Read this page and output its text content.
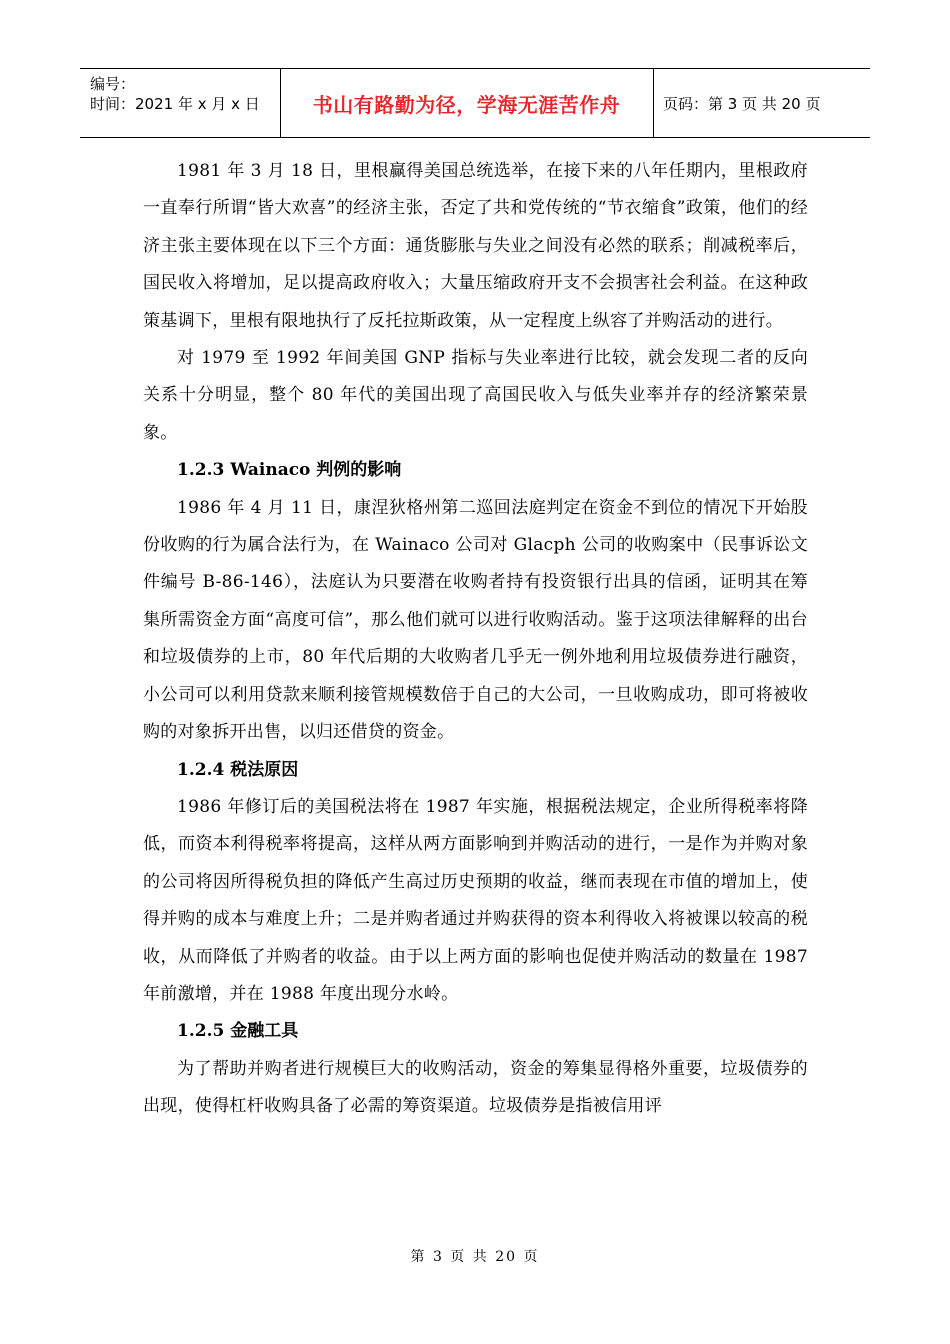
编号：
时间：2021 年 x 月 x 日	书山有路勤为径，学海无涯苦作舟	页码：第 3 页 共 20 页

1981 年 3 月 18 日，里根赢得美国总统选举，在接下来的八年任期内，里根政府一直奉行所谓“皆大欢喜”的经济主张，否定了共和党传统的“节衣缩食”政策，他们的经济主张主要体现在以下三个方面：通货膨胀与失业之间没有必然的联系；削减税率后，国民收入将增加，足以提高政府收入；大量压缩政府开支不会损害社会利益。在这种政策基调下，里根有限地执行了反托拉斯政策，从一定程度上纵容了并购活动的进行。

对 1979 至 1992 年间美国 GNP 指标与失业率进行比较，就会发现二者的反向关系十分明显，整个 80 年代的美国出现了高国民收入与低失业率并存的经济繁荣景象。

1.2.3 Wainaco 判例的影响

1986 年 4 月 11 日，康涅狄格州第二巡回法庭判定在资金不到位的情况下开始股份收购的行为属合法行为，在 Wainaco 公司对 Glacph 公司的收购案中（民事诉讼文件编号 B-86-146），法庭认为只要潜在收购者持有投资银行出具的信函，证明其在筹集所需资金方面“高度可信”，那么他们就可以进行收购活动。鉴于这项法律解释的出台和垃圾债券的上市，80 年代后期的大收购者几乎无一例外地利用垃圾债券进行融资，小公司可以利用贷款来顺利接管规模数倍于自己的大公司，一旦收购成功，即可将被收购的对象拆开出售，以归还借贷的资金。

1.2.4 税法原因

1986 年修订后的美国税法将在 1987 年实施，根据税法规定，企业所得税率将降低，而资本利得税率将提高，这样从两方面影响到并购活动的进行，一是作为并购对象的公司将因所得税负担的降低产生高过历史预期的收益，继而表现在市值的增加上，使得并购的成本与难度上升；二是并购者通过并购获得的资本利得收入将被课以较高的税收，从而降低了并购者的收益。由于以上两方面的影响也促使并购活动的数量在 1987 年前激增，并在 1988 年度出现分水岭。

1.2.5 金融工具

为了帮助并购者进行规模巨大的收购活动，资金的筹集显得格外重要，垃圾债券的出现，使得杠杆收购具备了必需的筹资渠道。垃圾债券是指被信用评

第 3 页 共 20 页
